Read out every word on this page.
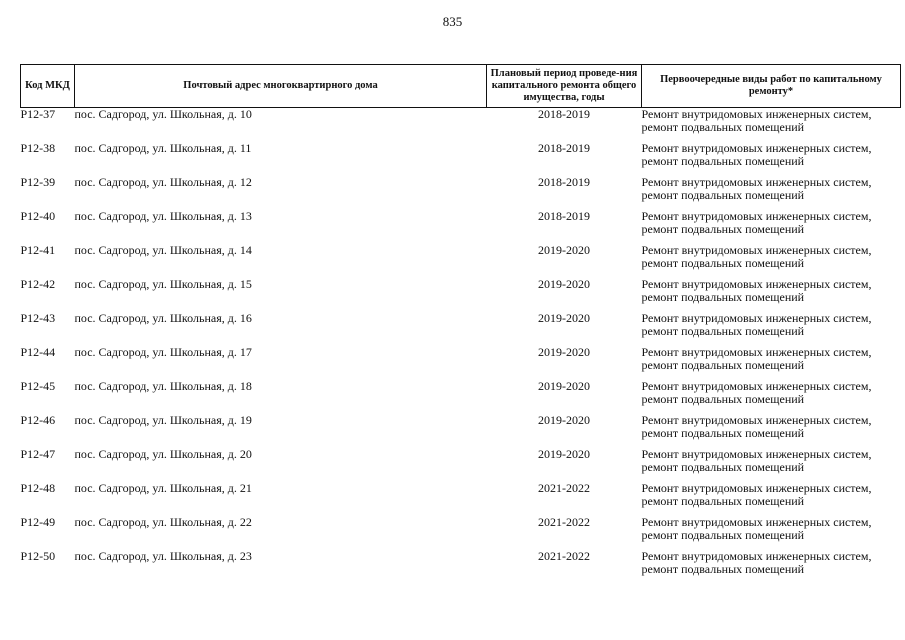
835
Код МКД	Почтовый адрес многоквартирного дома	Плановый период проведе-ния капитального ремонта общего имущества, годы	Первоочередные виды работ по капитальному ремонту*
Р12-37	пос. Садгород, ул. Школьная, д. 10	2018-2019	Ремонт внутридомовых инженерных систем,
ремонт подвальных помещений

Р12-38	пос. Садгород, ул. Школьная, д. 11	2018-2019	Ремонт внутридомовых инженерных систем,
ремонт подвальных помещений

Р12-39	пос. Садгород, ул. Школьная, д. 12	2018-2019	Ремонт внутридомовых инженерных систем,
ремонт подвальных помещений

Р12-40	пос. Садгород, ул. Школьная, д. 13	2018-2019	Ремонт внутридомовых инженерных систем,
ремонт подвальных помещений

Р12-41	пос. Садгород, ул. Школьная, д. 14	2019-2020	Ремонт внутридомовых инженерных систем,
ремонт подвальных помещений

Р12-42	пос. Садгород, ул. Школьная, д. 15	2019-2020	Ремонт внутридомовых инженерных систем,
ремонт подвальных помещений

Р12-43	пос. Садгород, ул. Школьная, д. 16	2019-2020	Ремонт внутридомовых инженерных систем,
ремонт подвальных помещений

Р12-44	пос. Садгород, ул. Школьная, д. 17	2019-2020	Ремонт внутридомовых инженерных систем,
ремонт подвальных помещений

Р12-45	пос. Садгород, ул. Школьная, д. 18	2019-2020	Ремонт внутридомовых инженерных систем,
ремонт подвальных помещений

Р12-46	пос. Садгород, ул. Школьная, д. 19	2019-2020	Ремонт внутридомовых инженерных систем,
ремонт подвальных помещений

Р12-47	пос. Садгород, ул. Школьная, д. 20	2019-2020	Ремонт внутридомовых инженерных систем,
ремонт подвальных помещений

Р12-48	пос. Садгород, ул. Школьная, д. 21	2021-2022	Ремонт внутридомовых инженерных систем,
ремонт подвальных помещений

Р12-49	пос. Садгород, ул. Школьная, д. 22	2021-2022	Ремонт внутридомовых инженерных систем,
ремонт подвальных помещений

Р12-50	пос. Садгород, ул. Школьная, д. 23	2021-2022	Ремонт внутридомовых инженерных систем,
ремонт подвальных помещений
